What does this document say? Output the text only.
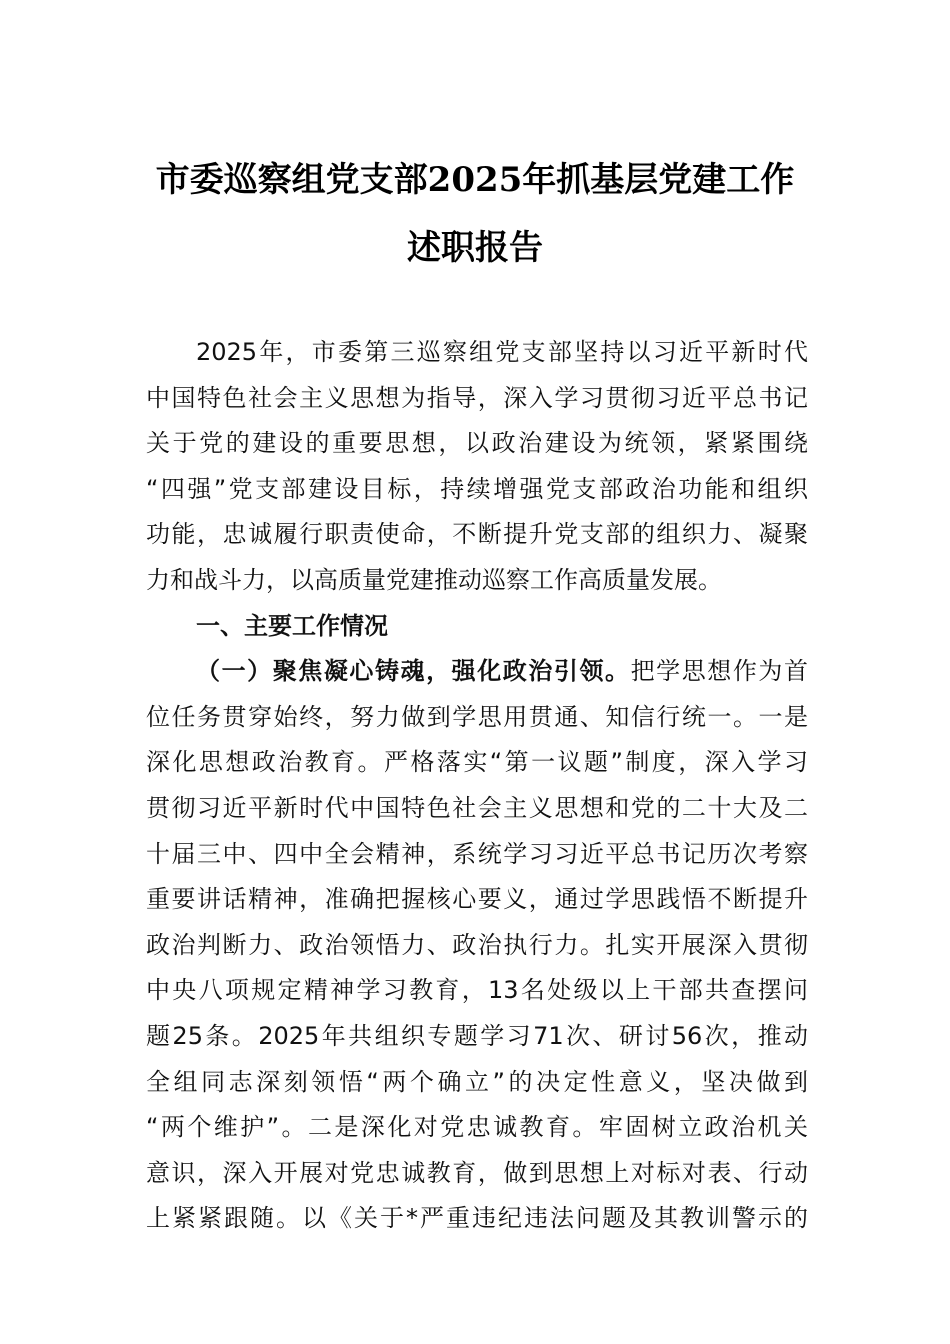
市委巡察组党支部2025年抓基层党建工作
述职报告
2025年，市委第三巡察组党支部坚持以习近平新时代
中国特色社会主义思想为指导，深入学习贯彻习近平总书记
关于党的建设的重要思想，以政治建设为统领，紧紧围绕
“四强”党支部建设目标，持续增强党支部政治功能和组织
功能，忠诚履行职责使命，不断提升党支部的组织力、凝聚
力和战斗力，以高质量党建推动巡察工作高质量发展。
一、主要工作情况
（一）聚焦凝心铸魂，强化政治引领。把学思想作为首
位任务贯穿始终，努力做到学思用贯通、知信行统一。一是
深化思想政治教育。严格落实“第一议题”制度，深入学习
贯彻习近平新时代中国特色社会主义思想和党的二十大及二
十届三中、四中全会精神，系统学习习近平总书记历次考察
重要讲话精神，准确把握核心要义，通过学思践悟不断提升
政治判断力、政治领悟力、政治执行力。扎实开展深入贯彻
中央八项规定精神学习教育，13名处级以上干部共查摆问
题25条。2025年共组织专题学习71次、研讨56次，推动
全组同志深刻领悟“两个确立”的决定性意义，坚决做到
“两个维护”。二是深化对党忠诚教育。牢固树立政治机关
意识，深入开展对党忠诚教育，做到思想上对标对表、行动
上紧紧跟随。以《关于*严重违纪违法问题及其教训警示的
